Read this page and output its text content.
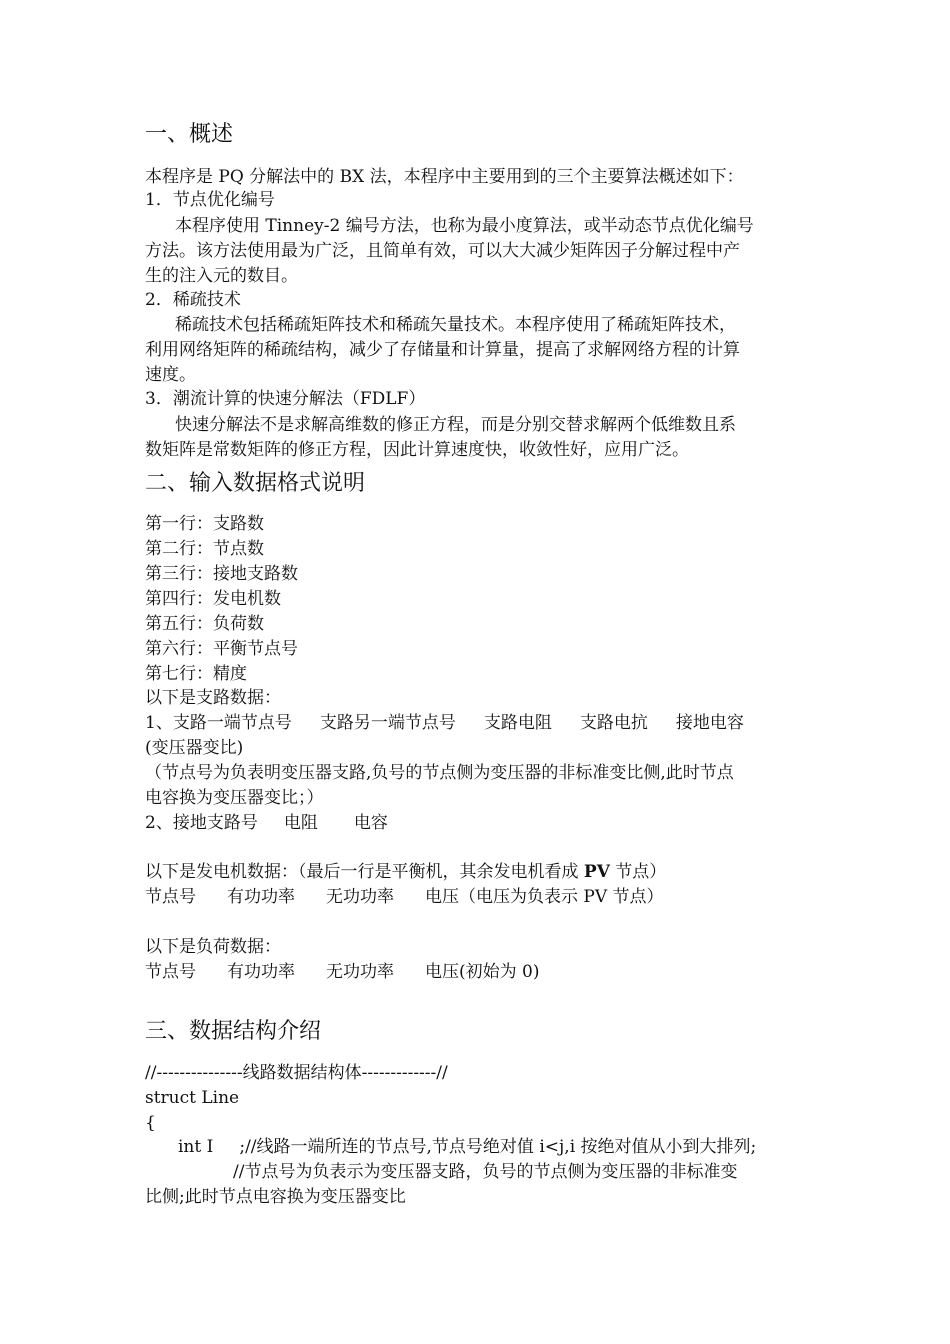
一、概述
本程序是 PQ 分解法中的 BX 法，本程序中主要用到的三个主要算法概述如下：
1．节点优化编号
本程序使用 Tinney-2 编号方法，也称为最小度算法，或半动态节点优化编号
方法。该方法使用最为广泛，且简单有效，可以大大减少矩阵因子分解过程中产
生的注入元的数目。
2．稀疏技术
稀疏技术包括稀疏矩阵技术和稀疏矢量技术。本程序使用了稀疏矩阵技术，
利用网络矩阵的稀疏结构，减少了存储量和计算量，提高了求解网络方程的计算
速度。
3．潮流计算的快速分解法（FDLF）
快速分解法不是求解高维数的修正方程，而是分别交替求解两个低维数且系
数矩阵是常数矩阵的修正方程，因此计算速度快，收敛性好，应用广泛。
二、输入数据格式说明
第一行：支路数
第二行：节点数
第三行：接地支路数
第四行：发电机数
第五行：负荷数
第六行：平衡节点号
第七行：精度
以下是支路数据：
1、支路一端节点号 支路另一端节点号 支路电阻 支路电抗 接地电容
(变压器变比)
（节点号为负表明变压器支路,负号的节点侧为变压器的非标准变比侧,此时节点
电容换为变压器变比；）
2、接地支路号 电阻 电容
以下是发电机数据：（最后一行是平衡机，其余发电机看成 PV 节点）
节点号 有功功率 无功功率 电压（电压为负表示 PV 节点）
以下是负荷数据：
节点号 有功功率 无功功率 电压(初始为 0)
三、数据结构介绍
//---------------线路数据结构体-------------//
struct Line
{
int I ;//线路一端所连的节点号,节点号绝对值 i<j,i 按绝对值从小到大排列;
//节点号为负表示为变压器支路，负号的节点侧为变压器的非标准变
比侧;此时节点电容换为变压器变比
